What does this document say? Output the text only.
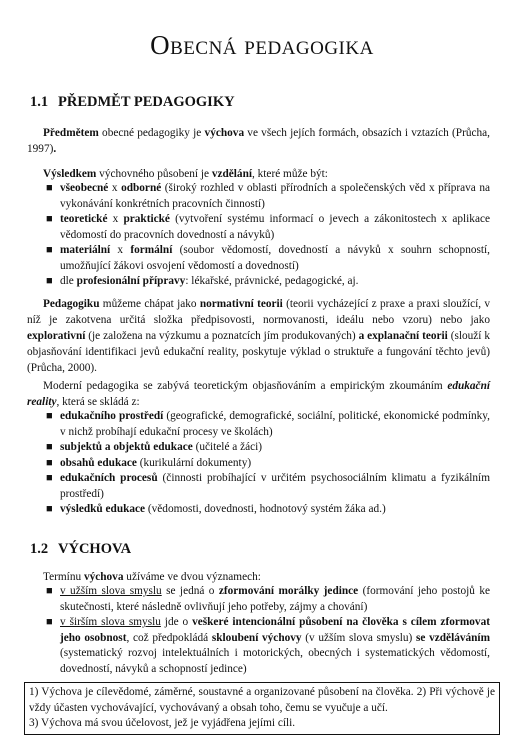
Obecná pedagogika
1.1 PŘEDMĚT PEDAGOGIKY
Předmětem obecné pedagogiky je výchova ve všech jejích formách, obsazích i vztazích (Průcha, 1997).
Výsledkem výchovného působení je vzdělání, které může být:
■ všeobecné x odborné (široký rozhled v oblasti přírodních a společenských věd x příprava na vykonávání konkrétních pracovních činností)
■ teoretické x praktické (vytvoření systému informací o jevech a zákonitostech x aplikace vědomostí do pracovních dovedností a návyků)
■ materiální x formální (soubor vědomostí, dovedností a návyků x souhrn schopností, umožňující žákovi osvojení vědomostí a dovedností)
■ dle profesionální přípravy: lékařské, právnické, pedagogické, aj.
Pedagogiku můžeme chápat jako normativní teorii (teorii vycházející z praxe a praxi sloužící, v níž je zakotvena určitá složka předpisovosti, normovanosti, ideálu nebo vzoru) nebo jako explorativní (je založena na výzkumu a poznatcích jím produkovaných) a explanační teorii (slouží k objasňování identifikaci jevů edukační reality, poskytuje výklad o struktuře a fungování těchto jevů) (Průcha, 2000).
Moderní pedagogika se zabývá teoretickým objasňováním a empirickým zkoumáním edukační reality, která se skládá z:
■ edukačního prostředí (geografické, demografické, sociální, politické, ekonomické podmínky, v nichž probíhají edukační procesy ve školách)
■ subjektů a objektů edukace (učitelé a žáci)
■ obsahů edukace (kurikulární dokumenty)
■ edukačních procesů (činnosti probíhající v určitém psychosociálním klimatu a fyzikálním prostředí)
■ výsledků edukace (vědomosti, dovednosti, hodnotový systém žáka ad.)
1.2 VÝCHOVA
Termínu výchova užíváme ve dvou významech:
■ v užším slova smyslu se jedná o zformování morálky jedince (formování jeho postojů ke skutečnosti, které následně ovlivňují jeho potřeby, zájmy a chování)
■ v širším slova smyslu jde o veškeré intencionální působení na člověka s cílem zformovat jeho osobnost, což předpokládá skloubení výchovy (v užším slova smyslu) se vzděláváním (systematický rozvoj intelektuálních i motorických, obecných i systematických vědomostí, dovedností, návyků a schopností jedince)
1) Výchova je cílevědomé, záměrné, soustavné a organizované působení na člověka. 2) Při výchově je vždy účasten vychovávající, vychovávaný a obsah toho, čemu se vyučuje a učí.
3) Výchova má svou účelovost, jež je vyjádřena jejími cíli.
